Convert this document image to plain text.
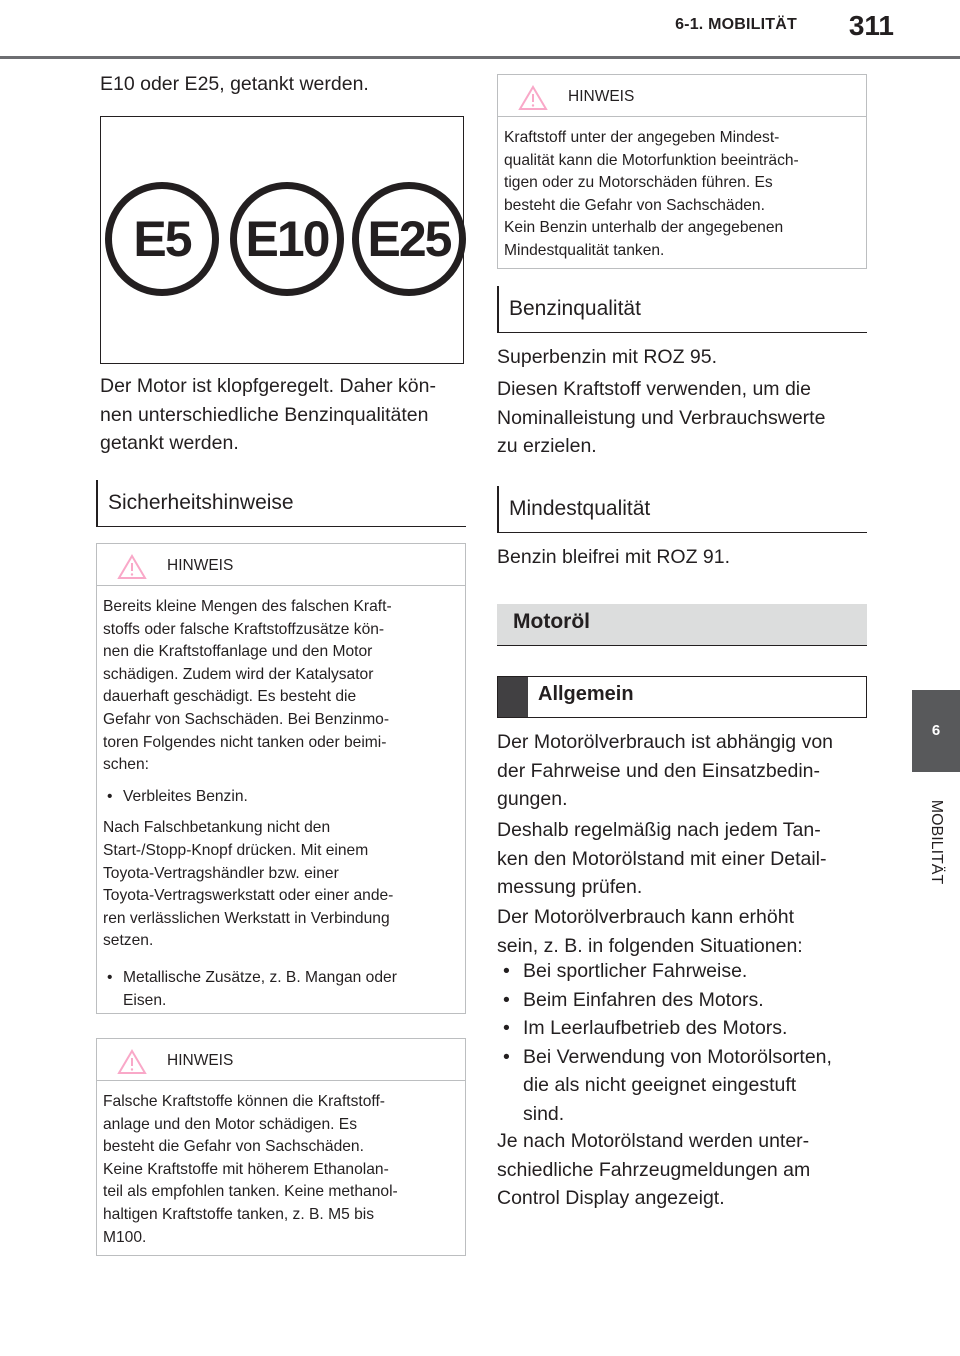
6-1. MOBILITÄT 311
6
MOBILITÄT
E10 oder E25, getankt werden.
E5	E10 E25
Der Motor ist klopfgeregelt. Daher kön-
nen unterschiedliche Benzinqualitäten
getankt werden.
Sicherheitshinweise
HINWEIS

Bereits kleine Mengen des falschen Kraft-
stoffs oder falsche Kraftstoffzusätze kön-
nen die Kraftstoffanlage und den Motor
schädigen. Zudem wird der Katalysator
dauerhaft geschädigt. Es besteht die
Gefahr von Sachschäden. Bei Benzinmo-
toren Folgendes nicht tanken oder beimi-
schen:

• Verbleites Benzin.

Nach Falschbetankung nicht den
Start-/Stopp-Knopf drücken. Mit einem
Toyota-Vertragshändler bzw. einer
Toyota-Vertragswerkstatt oder einer ande-
ren verlässlichen Werkstatt in Verbindung
setzen.

• Metallische Zusätze, z. B. Mangan oder
Eisen.

HINWEIS

Falsche Kraftstoffe können die Kraftstoff-
anlage und den Motor schädigen. Es
besteht die Gefahr von Sachschäden.
Keine Kraftstoffe mit höherem Ethanolan-
teil als empfohlen tanken. Keine methanol-
haltigen Kraftstoffe tanken, z. B. M5 bis
M100.

HINWEIS

Kraftstoff unter der angegeben Mindest-
qualität kann die Motorfunktion beeinträch-
tigen oder zu Motorschäden führen. Es
besteht die Gefahr von Sachschäden.
Kein Benzin unterhalb der angegebenen
Mindestqualität tanken.

Benzinqualität
Superbenzin mit ROZ 95.
Diesen Kraftstoff verwenden, um die
Nominalleistung und Verbrauchswerte
zu erzielen.
Mindestqualität
Benzin bleifrei mit ROZ 91.
Motoröl
Allgemein
Der Motorölverbrauch ist abhängig von
der Fahrweise und den Einsatzbedin-
gungen.
Deshalb regelmäßig nach jedem Tan-
ken den Motorölstand mit einer Detail-
messung prüfen.
Der Motorölverbrauch kann erhöht
sein, z. B. in folgenden Situationen:
• Bei sportlicher Fahrweise.
• Beim Einfahren des Motors.
• Im Leerlaufbetrieb des Motors.
• Bei Verwendung von Motorölsorten,
die als nicht geeignet eingestuft
sind.
Je nach Motorölstand werden unter-
schiedliche Fahrzeugmeldungen am
Control Display angezeigt.
